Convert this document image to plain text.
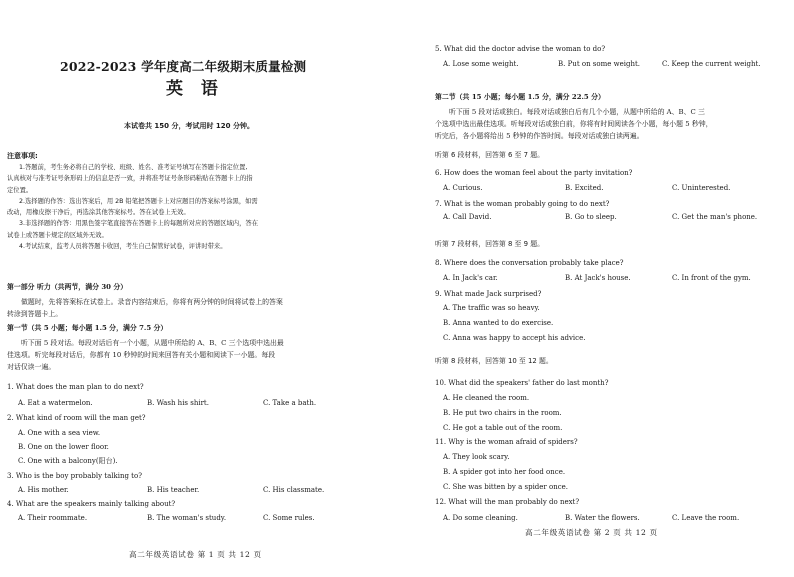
2022-2023 学年度高二年级期末质量检测
英 语
本试卷共 150 分，考试用时 120 分钟。
注意事项:
1.答题前，考生务必将自己的学校、班级、姓名、准考证号填写在答题卡指定位置,
认真核对与准考证号条形码上的信息是否一致，并将准考证号条形码粘贴在答题卡上的指
定位置。
2.选择题的作答：选出答案后，用 2B 铅笔把答题卡上对应题目的答案标号涂黑，如需
改动，用橡皮擦干净后，再选涂其他答案标号。答在试卷上无效。
3.非选择题的作答：用黑色签字笔直接答在答题卡上的每题所对应的答题区域内，答在
试卷上或答题卡规定的区域外无效。
4.考试结束，监考人员将答题卡收回，考生自己保管好试卷，评讲时带来。
第一部分 听力（共两节，满分 30 分）
做题时，先将答案标在试卷上。录音内容结束后，你将有两分钟的时间将试卷上的答案
转涂到答题卡上。
第一节（共 5 小题；每小题 1.5 分，满分 7.5 分）
听下面 5 段对话。每段对话后有一个小题，从题中所给的 A、B、C 三个选项中选出最
佳选项。听完每段对话后，你都有 10 秒钟的时间来回答有关小题和阅读下一小题。每段
对话仅读一遍。
1. What does the man plan to do next?
A. Eat a watermelon.	B. Wash his shirt.	C. Take a bath.
2. What kind of room will the man get?
A. One with a sea view.
B. One on the lower floor.
C. One with a balcony(阳台).
3. Who is the boy probably talking to?
A. His mother.	B. His teacher.	C. His classmate.
4. What are the speakers mainly talking about?
A. Their roommate.	B. The woman's study.	C. Some rules.
高二年级英语试卷 第 1 页 共 12 页
5. What did the doctor advise the woman to do?
A. Lose some weight.	B. Put on some weight.	C. Keep the current weight.
第二节（共 15 小题；每小题 1.5 分，满分 22.5 分）
听下面 5 段对话或独白。每段对话或独白后有几个小题，从题中所给的 A、B、C 三
个选项中选出最佳选项。听每段对话或独白前，你将有时间阅读各个小题，每小题 5 秒钟，
听完后，各小题将给出 5 秒钟的作答时间。每段对话或独白读两遍。
听第 6 段材料，回答第 6 至 7 题。
6. How does the woman feel about the party invitation?
A. Curious.	B. Excited.	C. Uninterested.
7. What is the woman probably going to do next?
A. Call David.	B. Go to sleep.	C. Get the man's phone.
听第 7 段材料，回答第 8 至 9 题。
8. Where does the conversation probably take place?
A. In Jack's car.	B. At Jack's house.	C. In front of the gym.
9. What made Jack surprised?
A. The traffic was so heavy.
B. Anna wanted to do exercise.
C. Anna was happy to accept his advice.
听第 8 段材料，回答第 10 至 12 题。
10. What did the speakers' father do last month?
A. He cleaned the room.
B. He put two chairs in the room.
C. He got a table out of the room.
11. Why is the woman afraid of spiders?
A. They look scary.
B. A spider got into her food once.
C. She was bitten by a spider once.
12. What will the man probably do next?
A. Do some cleaning.	B. Water the flowers.	C. Leave the room.
高二年级英语试卷 第 2 页 共 12 页
